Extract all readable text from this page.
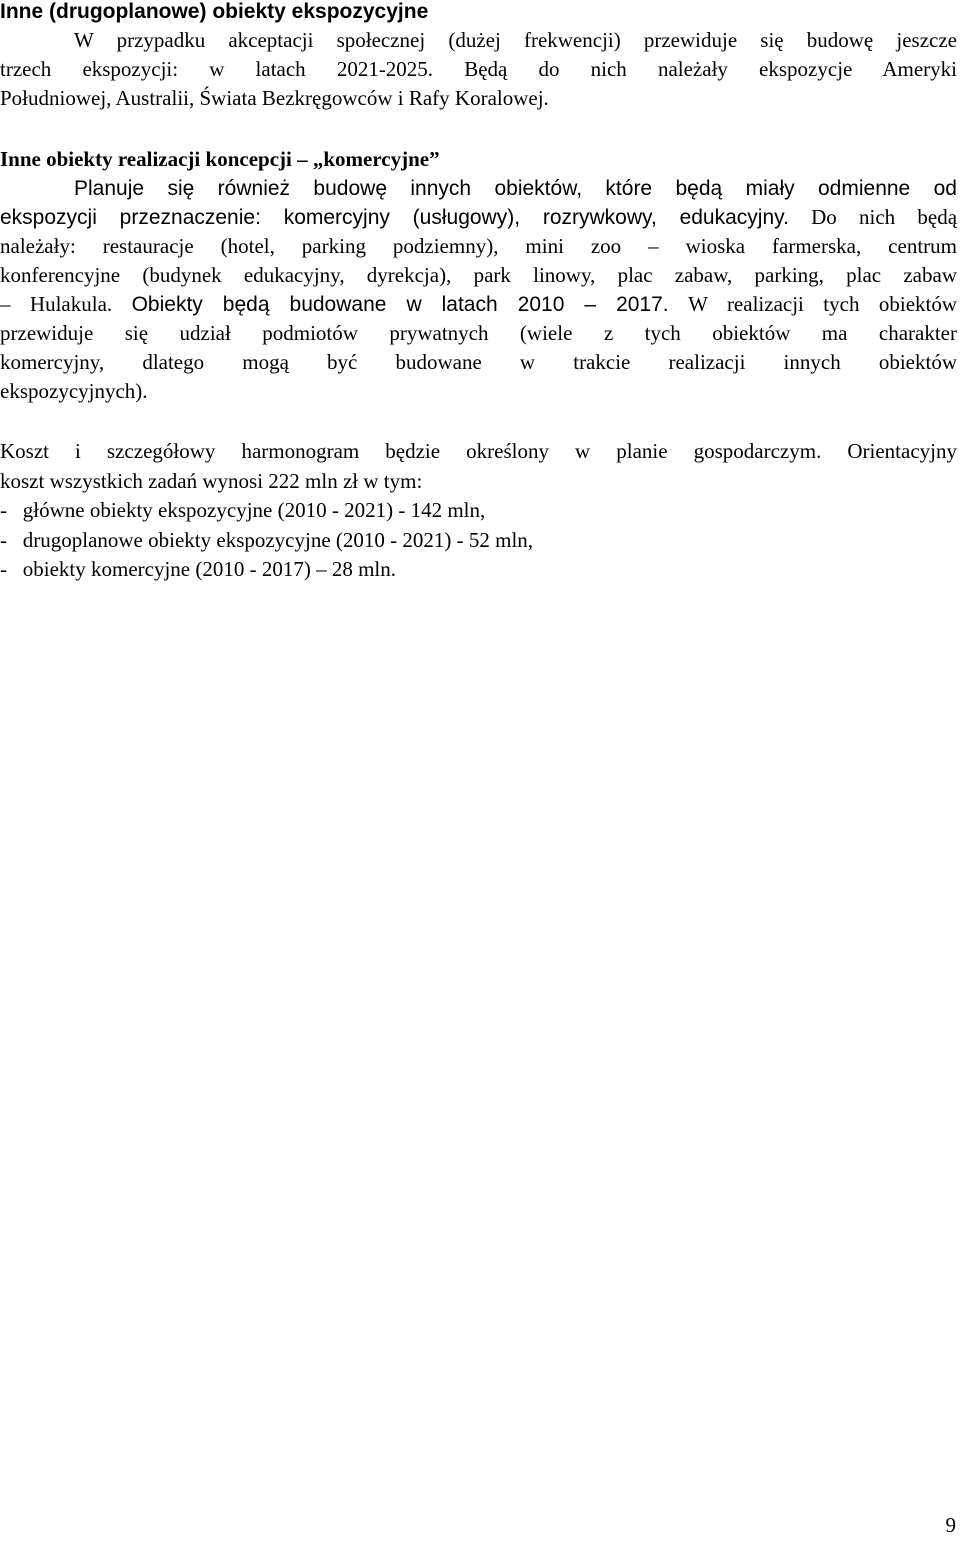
Inne (drugoplanowe) obiekty ekspozycyjne
W przypadku akceptacji społecznej (dużej frekwencji) przewiduje się budowę jeszcze
trzech ekspozycji: w latach 2021-2025. Będą do nich należały ekspozycje Ameryki
Południowej, Australii, Świata Bezkręgowców i Rafy Koralowej.
Inne obiekty realizacji koncepcji – „komercyjne”
Planuje się również budowę innych obiektów, które będą miały odmienne od
ekspozycji przeznaczenie: komercyjny (usługowy), rozrywkowy, edukacyjny. Do nich będą
należały: restauracje (hotel, parking podziemny), mini zoo – wioska farmerska, centrum
konferencyjne (budynek edukacyjny, dyrekcja), park linowy, plac zabaw, parking, plac zabaw
– Hulakula. Obiekty będą budowane w latach 2010 – 2017. W realizacji tych obiektów
przewiduje się udział podmiotów prywatnych (wiele z tych obiektów ma charakter
komercyjny, dlatego mogą być budowane w trakcie realizacji innych obiektów
ekspozycyjnych).
Koszt i szczegółowy harmonogram będzie określony w planie gospodarczym. Orientacyjny
koszt wszystkich zadań wynosi 222 mln zł w tym:
-   główne obiekty ekspozycyjne (2010 - 2021) - 142 mln,
-   drugoplanowe obiekty ekspozycyjne (2010 - 2021) - 52 mln,
-   obiekty komercyjne (2010 - 2017) – 28 mln.
9
